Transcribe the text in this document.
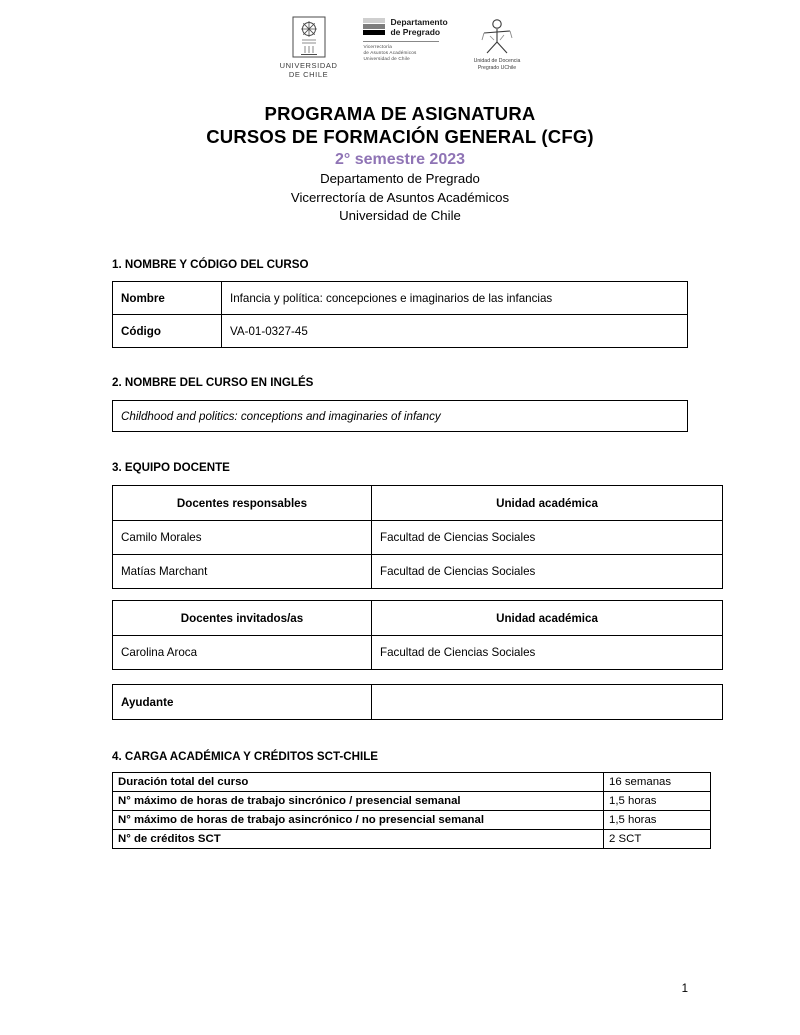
UNIVERSIDAD
DE CHILE
Departamento
de Pregrado
Vicerrectoría
de Asuntos Académicos
Universidad de Chile	Unidad de Docencia
Pregrado UChile
PROGRAMA DE ASIGNATURA
CURSOS DE FORMACIÓN GENERAL (CFG)
2° semestre 2023
Departamento de Pregrado
Vicerrectoría de Asuntos Académicos
Universidad de Chile
1. NOMBRE Y CÓDIGO DEL CURSO
Nombre	Infancia y política: concepciones e imaginarios de las infancias
Código	VA-01-0327-45
2. NOMBRE DEL CURSO EN INGLÉS
Childhood and politics: conceptions and imaginaries of infancy
3. EQUIPO DOCENTE
Docentes responsables	Unidad académica
Camilo Morales	Facultad de Ciencias Sociales
Matías Marchant	Facultad de Ciencias Sociales
Docentes invitados/as	Unidad académica
Carolina Aroca	Facultad de Ciencias Sociales
Ayudante	
4. CARGA ACADÉMICA Y CRÉDITOS SCT-CHILE
Duración total del curso	16 semanas
N° máximo de horas de trabajo sincrónico / presencial semanal	1,5 horas
N° máximo de horas de trabajo asincrónico / no presencial semanal	1,5 horas
N° de créditos SCT	2 SCT
1
